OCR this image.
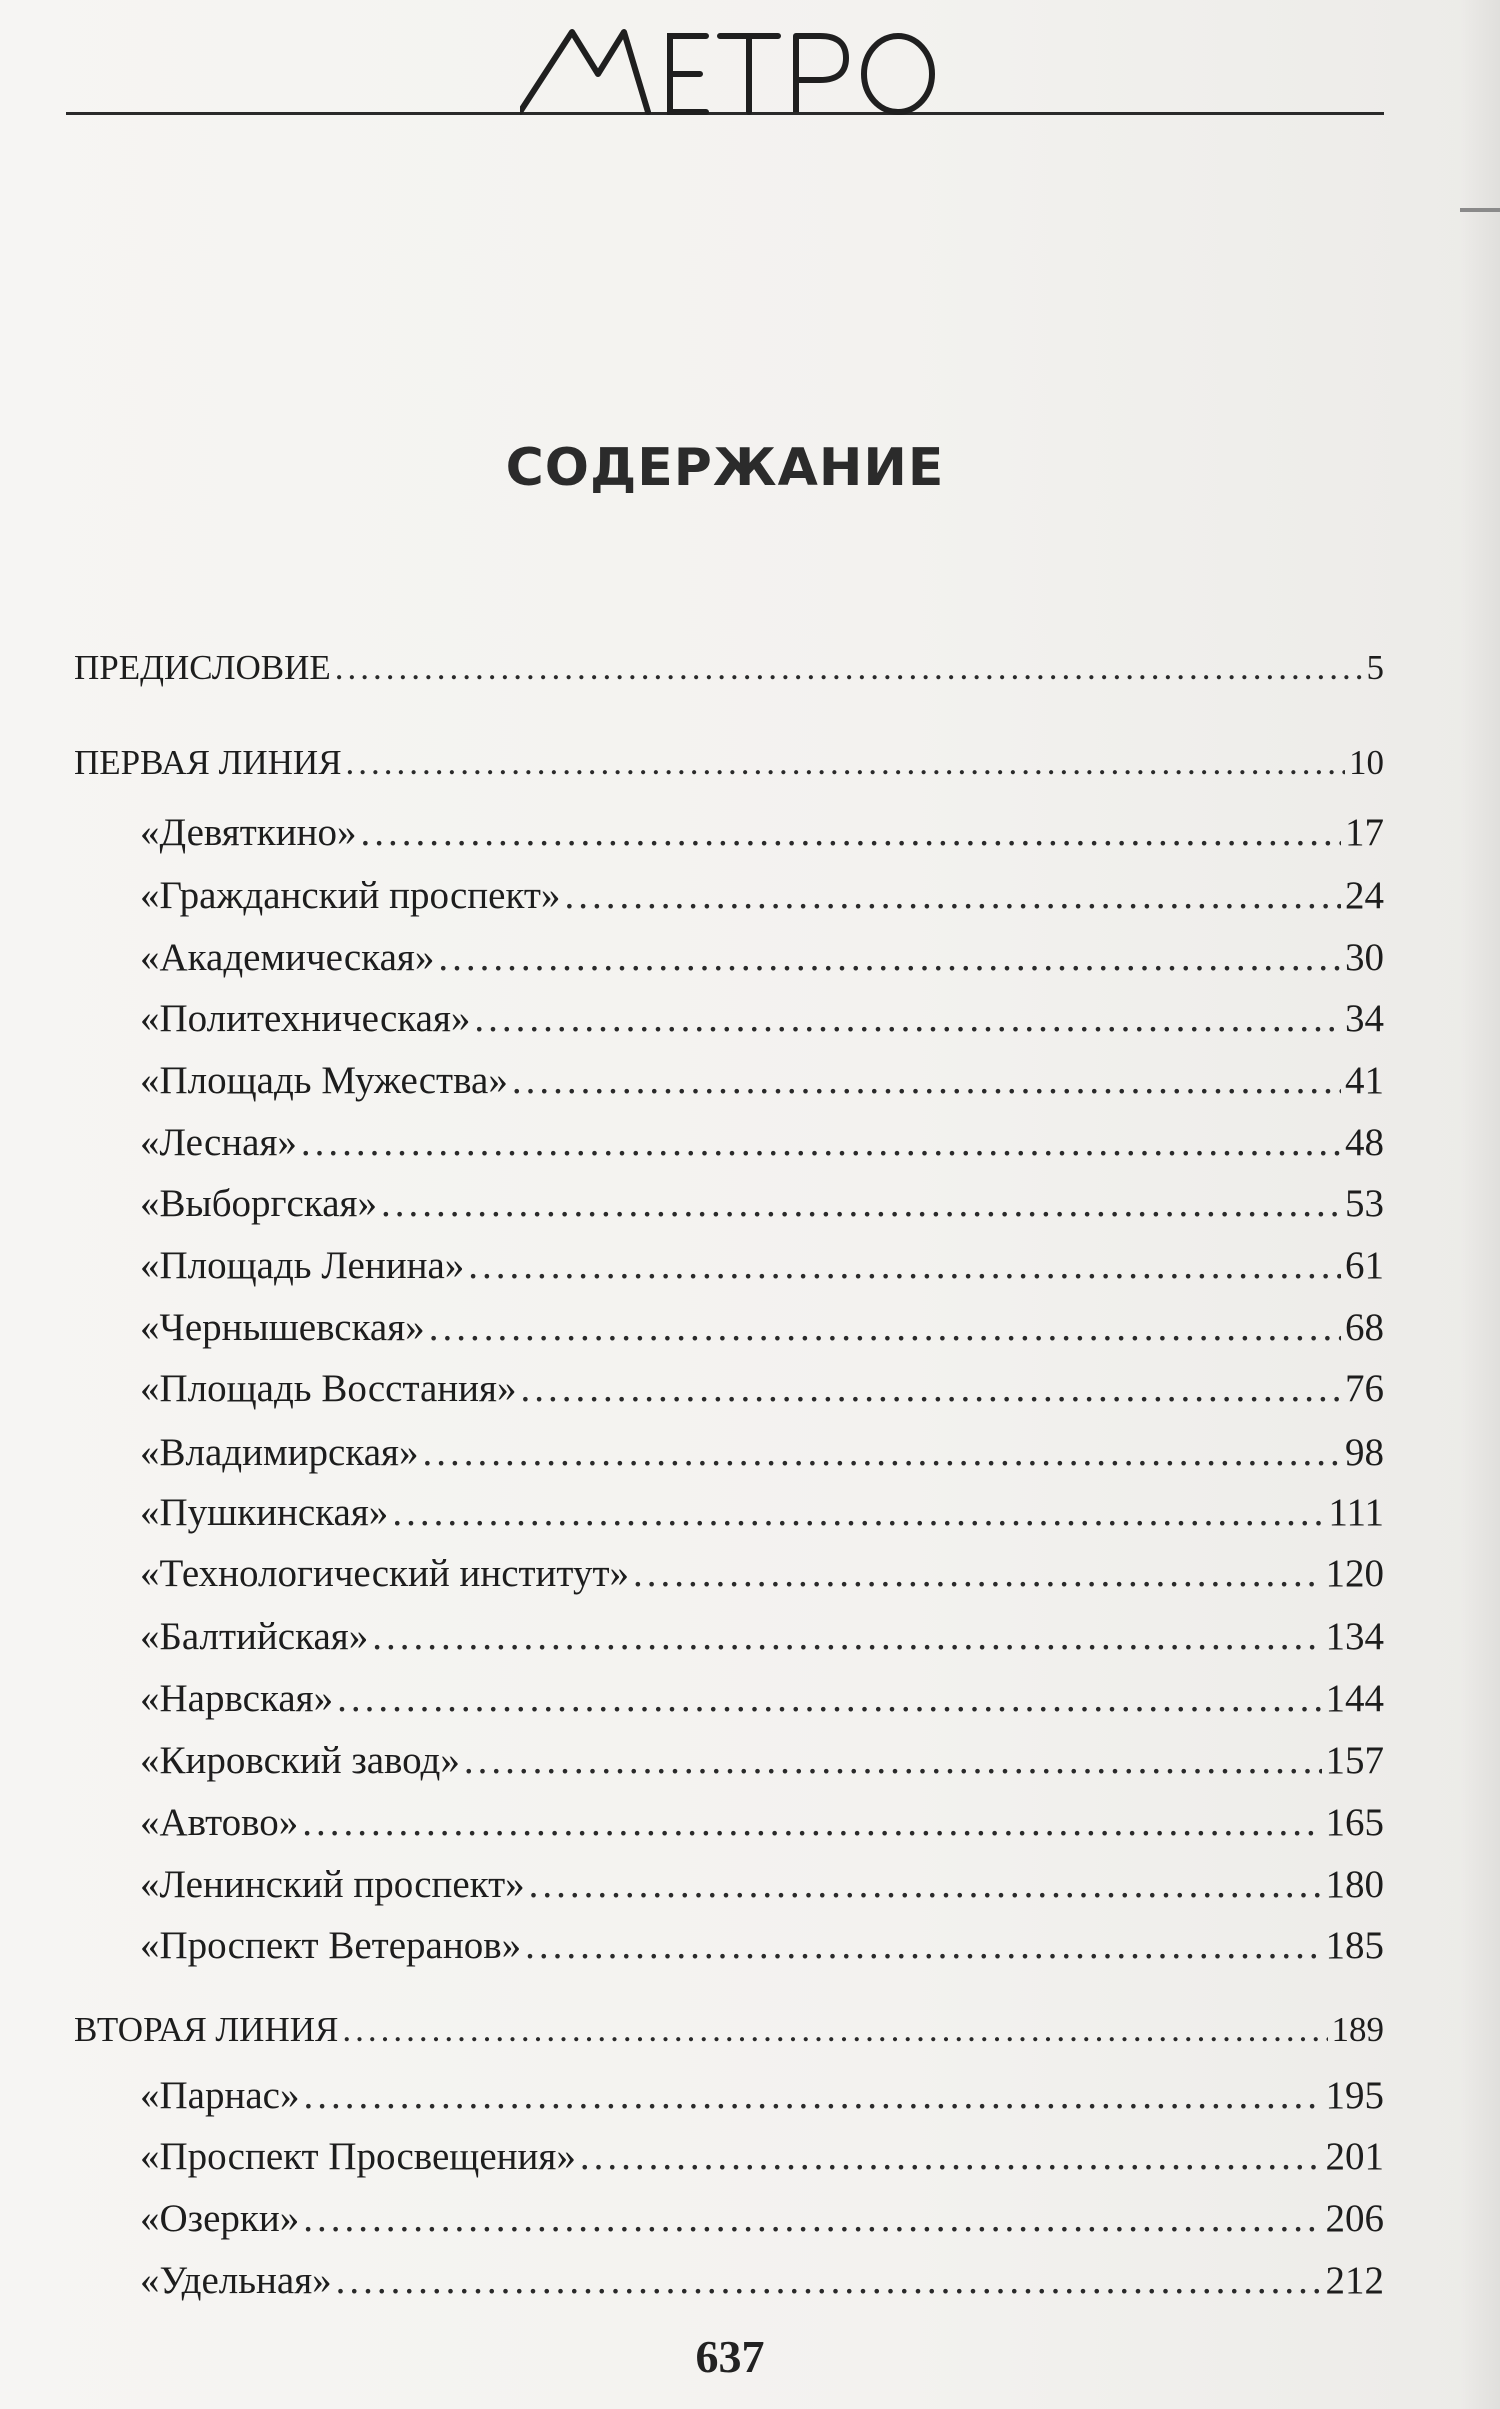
СОДЕРЖАНИЕ
ПРЕДИСЛОВИЕ .....	5
ПЕРВАЯ ЛИНИЯ .....	10
«Девяткино» .....	17
«Гражданский проспект» .....	24
«Академическая» .....	30
«Политехническая» .....	34
«Площадь Мужества» .....	41
«Лесная» .....	48
«Выборгская» .....	53
«Площадь Ленина» .....	61
«Чернышевская» .....	68
«Площадь Восстания» .....	76
«Владимирская» .....	98
«Пушкинская» .....	111
«Технологический институт» .....	120
«Балтийская» .....	134
«Нарвская» .....	144
«Кировский завод» .....	157
«Автово» .....	165
«Ленинский проспект» .....	180
«Проспект Ветеранов» .....	185
ВТОРАЯ ЛИНИЯ .....	189
«Парнас» .....	195
«Проспект Просвещения» .....	201
«Озерки» .....	206
«Удельная» .....	212
637
